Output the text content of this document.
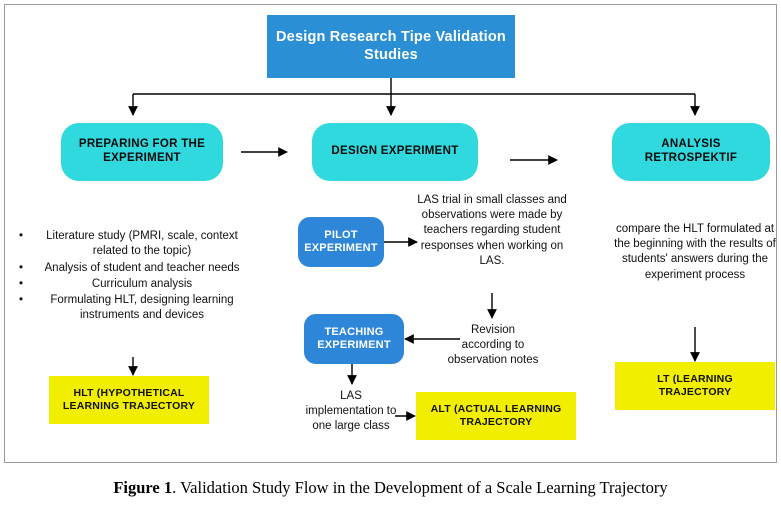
Design Research Tipe Validation Studies
PREPARING FOR THE EXPERIMENT
DESIGN EXPERIMENT
ANALYSIS RETROSPEKTIF
• Literature study (PMRI, scale, context related to the topic)
• Analysis of student and teacher needs
• Curriculum analysis
• Formulating HLT, designing learning instruments and devices
HLT (HYPOTHETICAL LEARNING TRAJECTORY
PILOT EXPERIMENT
LAS trial in small classes and observations were made by teachers regarding student responses when working on LAS.
Revision according to observation notes
TEACHING EXPERIMENT
LAS implementation to one large class
ALT (ACTUAL LEARNING TRAJECTORY
compare the HLT formulated at the beginning with the results of students' answers during the experiment process
LT (LEARNING TRAJECTORY
Figure 1. Validation Study Flow in the Development of a Scale Learning Trajectory
